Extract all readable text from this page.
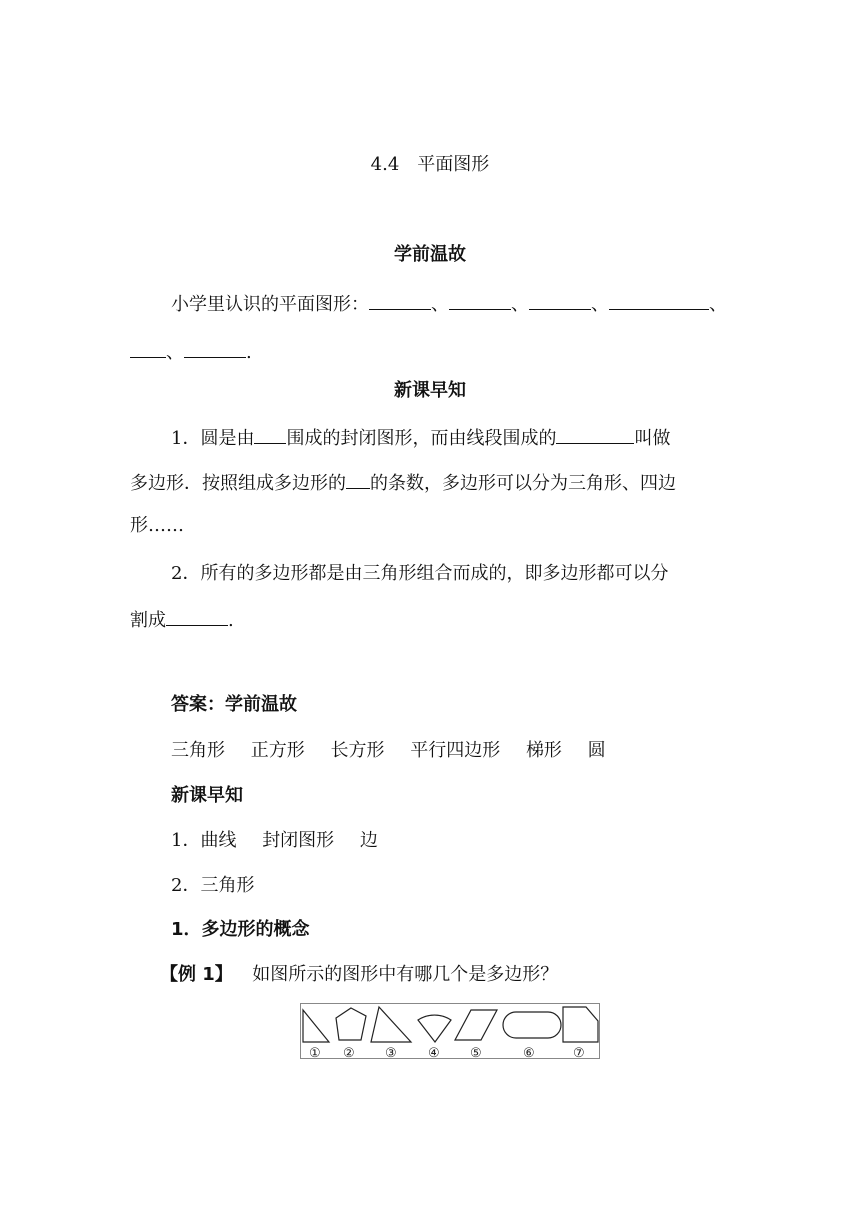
4.4　平面图形
学前温故
小学里认识的平面图形：	、	、	、	、
、	.
新课早知
1．圆是由 围成的封闭图形，而由线段围成的	叫做
多边形．按照组成多边形的 的条数，多边形可以分为三角形、四边
形……
2．所有的多边形都是由三角形组合而成的，即多边形都可以分
割成	.
答案：学前温故
三角形 正方形 长方形 平行四边形 梯形 圆
新课早知
1．曲线 封闭图形 边
2．三角形
1．多边形的概念
【例 1】 如图所示的图形中有哪几个是多边形？
① ② ③ ④ ⑤	⑥	⑦
